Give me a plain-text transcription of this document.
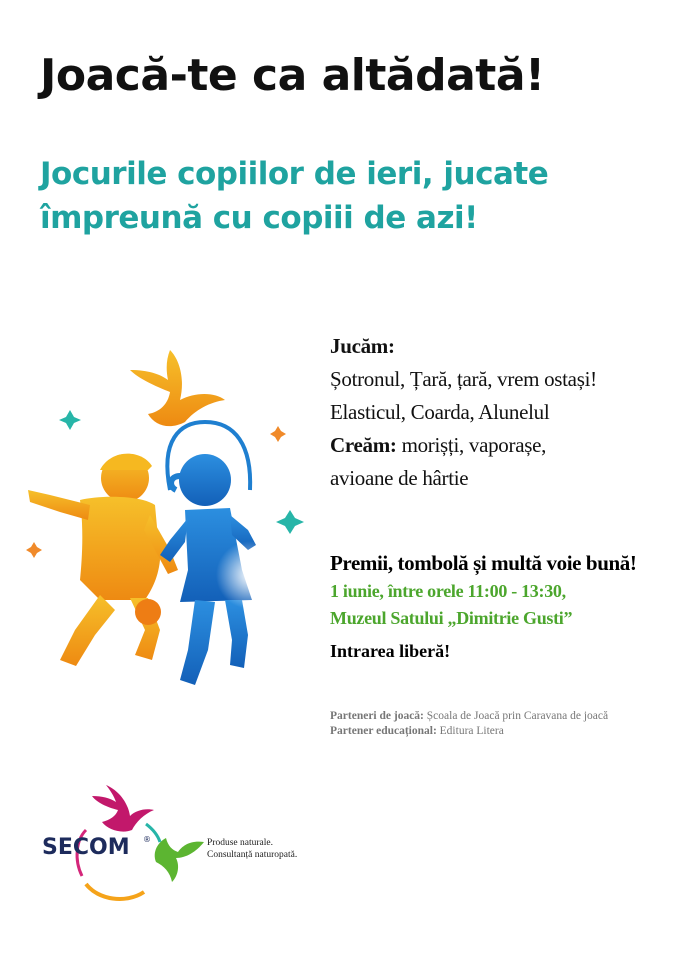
Joacă-te ca altădată!
Jocurile copiilor de ieri, jucate
împreună cu copiii de azi!
Jucăm:
Șotronul, Țară, țară, vrem ostași!
Elasticul, Coarda, Alunelul
Creăm: morișți, vaporașe,
avioane de hârtie
Premii, tombolă și multă voie bună!
1 iunie, între orele 11:00 - 13:30,
Muzeul Satului „Dimitrie Gusti”
Intrarea liberă!
Parteneri de joacă: Școala de Joacă prin Caravana de joacă
Partener educațional: Editura Litera
SECOM ®	Produse naturale.
Consultanță naturopată.
